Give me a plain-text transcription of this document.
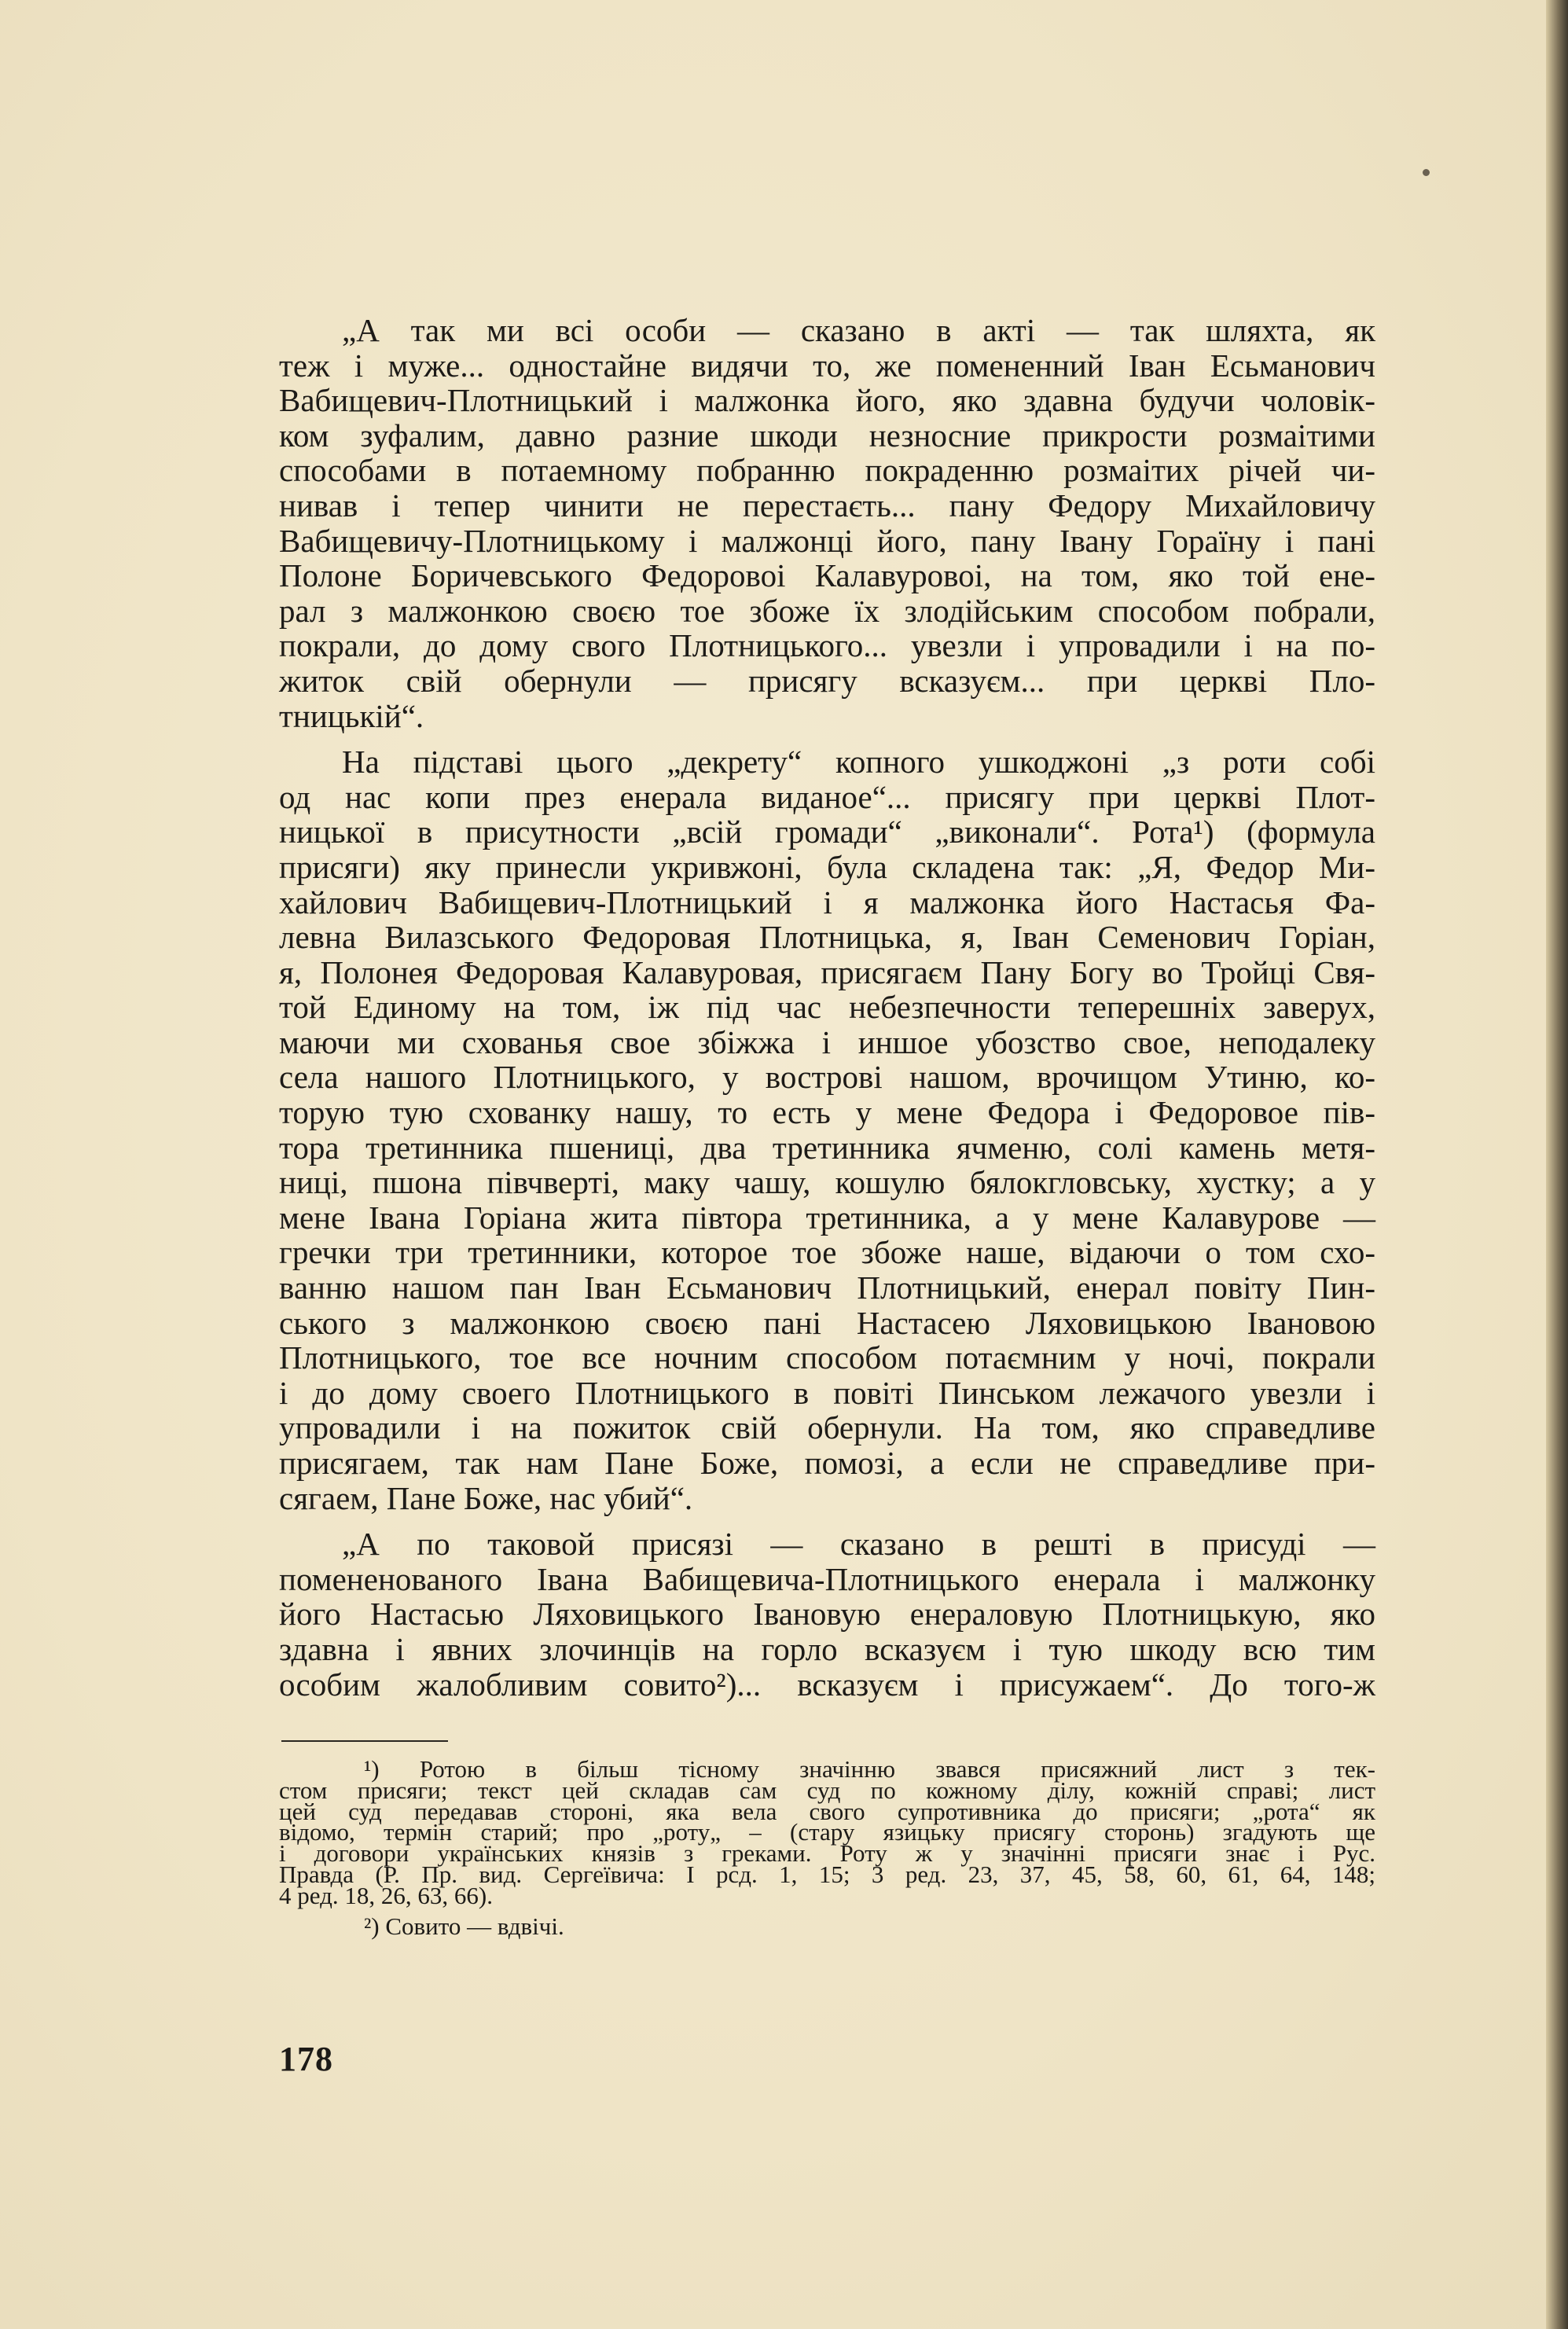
„А так ми всі особи — сказано в акті — так шляхта, як
теж і муже... одностайне видячи то, же помененний Іван Есьманович
Вабищевич-Плотницький і малжонка його, яко здавна будучи чоловік-
ком зуфалим, давно разние шкоди незносние прикрости розмаітими
способами в потаемному побранню покраденню розмаітих річей чи-
нивав і тепер чинити не перестаєть... пану Федору Михайловичу
Вабищевичу-Плотницькому і малжонці його, пану Івану Гораїну і пані
Полоне Боричевського Федоровоі Калавуровоі, на том, яко той ене-
рал з малжонкою своєю тое збоже їх злодійським способом побрали,
покрали, до дому свого Плотницького... увезли і упровадили і на по-
житок свій обернули — присягу всказуєм... при церкві Пло-
тницькій“.
На підставі цього „декрету“ копного ушкоджоні „з роти собі
од нас копи през енерала виданое“... присягу при церкві Плот-
ницької в присутности „всій громади“ „виконали“. Рота¹) (формула
присяги) яку принесли укривжоні, була складена так: „Я, Федор Ми-
хайлович Вабищевич-Плотницький і я малжонка його Настасья Фа-
левна Вилазського Федоровая Плотницька, я, Іван Семенович Горіан,
я, Полонея Федоровая Калавуровая, присягаєм Пану Богу во Тройці Свя-
той Единому на том, іж під час небезпечности теперешніх заверух,
маючи ми схованья свое збіжжа і иншое убозство свое, неподалеку
села нашого Плотницького, у вострові нашом, врочищом Утиню, ко-
торую тую схованку нашу, то есть у мене Федора і Федоровое пів-
тора третинника пшениці, два третинника ячменю, солі камень метя-
ниці, пшона півчверті, маку чашу, кошулю бялокгловську, хустку; а у
мене Івана Горіана жита півтора третинника, а у мене Калавурове —
гречки три третинники, которое тое збоже наше, відаючи о том схо-
ванню нашом пан Іван Есьманович Плотницький, енерал повіту Пин-
ського з малжонкою своєю пані Настасею Ляховицькою Івановою
Плотницького, тое все ночним способом потаємним у ночі, покрали
і до дому своего Плотницького в повіті Пинськом лежачого увезли і
упровадили і на пожиток свій обернули. На том, яко справедливе
присягаем, так нам Пане Боже, помозі, а если не справедливе при-
сягаем, Пане Боже, нас убий“.
„А по таковой присязі — сказано в решті в присуді —
помененованого Івана Вабищевича-Плотницького енерала і малжонку
його Настасью Ляховицького Івановую енераловую Плотницькую, яко
здавна і явних злочинців на горло всказуєм і тую шкоду всю тим
особим жалобливим совито²)... всказуєм і присужаем“. До того-ж
¹) Ротою в більш тісному значінню звався присяжний лист з тек-
стом присяги; текст цей складав сам суд по кожному ділу, кожній справі; лист
цей суд передавав стороні, яка вела свого супротивника до присяги; „рота“ як
відомо, термін старий; про „роту„ – (стару язицьку присягу сторонь) згадують ще
і договори українських князів з греками. Роту ж у значінні присяги знає і Рус.
Правда (Р. Пр. вид. Сергеївича: І рсд. 1, 15; 3 ред. 23, 37, 45, 58, 60, 61, 64, 148;
4 ред. 18, 26, 63, 66).
²) Совито — вдвічі.
178
